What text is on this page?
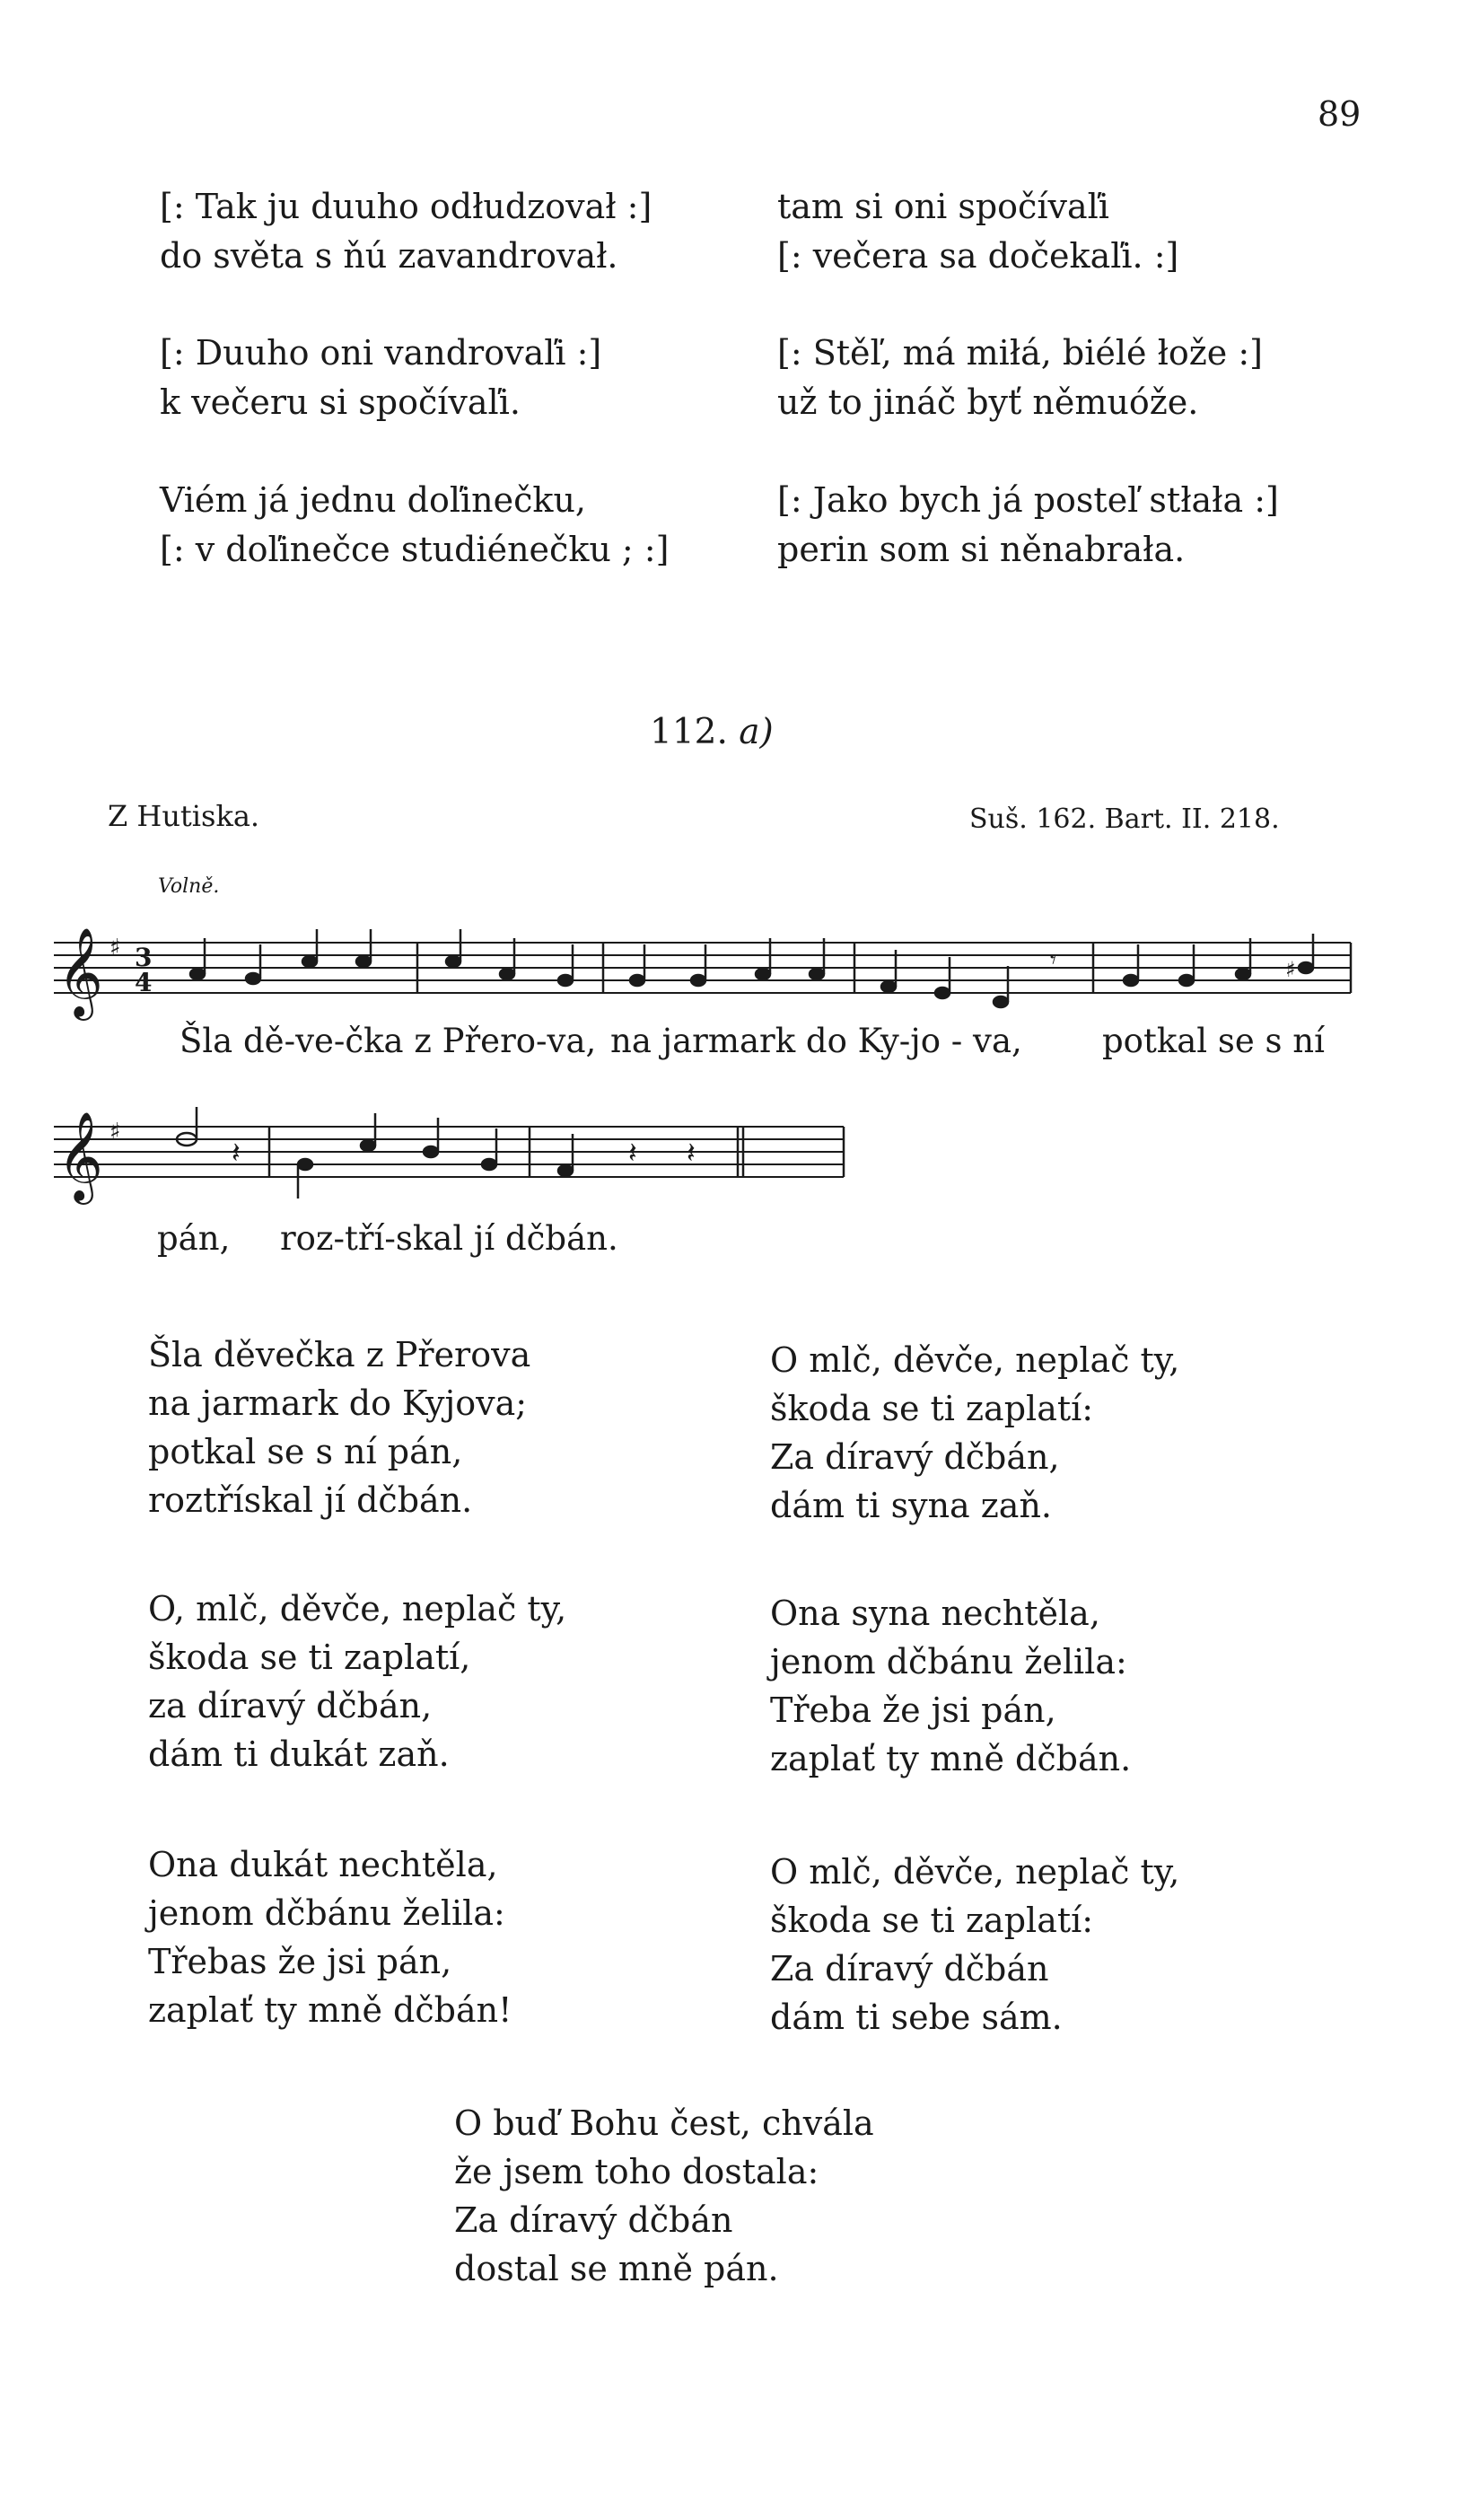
89
[: Tak ju duuho odłudzovał :]
do světa s ňú zavandrovał.
[: Duuho oni vandrovaľi :]
k večeru si spočívaľi.
Viém já jednu doľinečku,
[: v doľinečce studiénečku ; :]
tam si oni spočívaľi
[: večera sa dočekaľi. :]
[: Stěľ, má miłá, biélé łože :]
už to jináč byť němuóže.
[: Jako bych já posteľ stłała :]
perin som si něnabrała.
112. a)
Z Hutiska.	Suš. 162. Bart. II. 218.
Volně.
𝄞 ♯ 3
4
𝄾	♯
Šla dě-ve-čka z Přero-va, na jarmark do Ky-jo - va, potkal se s ní
𝄞 ♯
𝄽	𝄽 𝄽
pán, roz-tří-skal jí dčbán.
Šla děvečka z Přerova
na jarmark do Kyjova;
potkal se s ní pán,
roztřískal jí dčbán.
O, mlč, děvče, neplač ty,
škoda se ti zaplatí,
za díravý dčbán,
dám ti dukát zaň.
Ona dukát nechtěla,
jenom dčbánu želila:
Třebas že jsi pán,
zaplať ty mně dčbán!
O mlč, děvče, neplač ty,
škoda se ti zaplatí:
Za díravý dčbán,
dám ti syna zaň.
Ona syna nechtěla,
jenom dčbánu želila:
Třeba že jsi pán,
zaplať ty mně dčbán.
O mlč, děvče, neplač ty,
škoda se ti zaplatí:
Za díravý dčbán
dám ti sebe sám.
O buď Bohu čest, chvála
že jsem toho dostala:
Za díravý dčbán
dostal se mně pán.
